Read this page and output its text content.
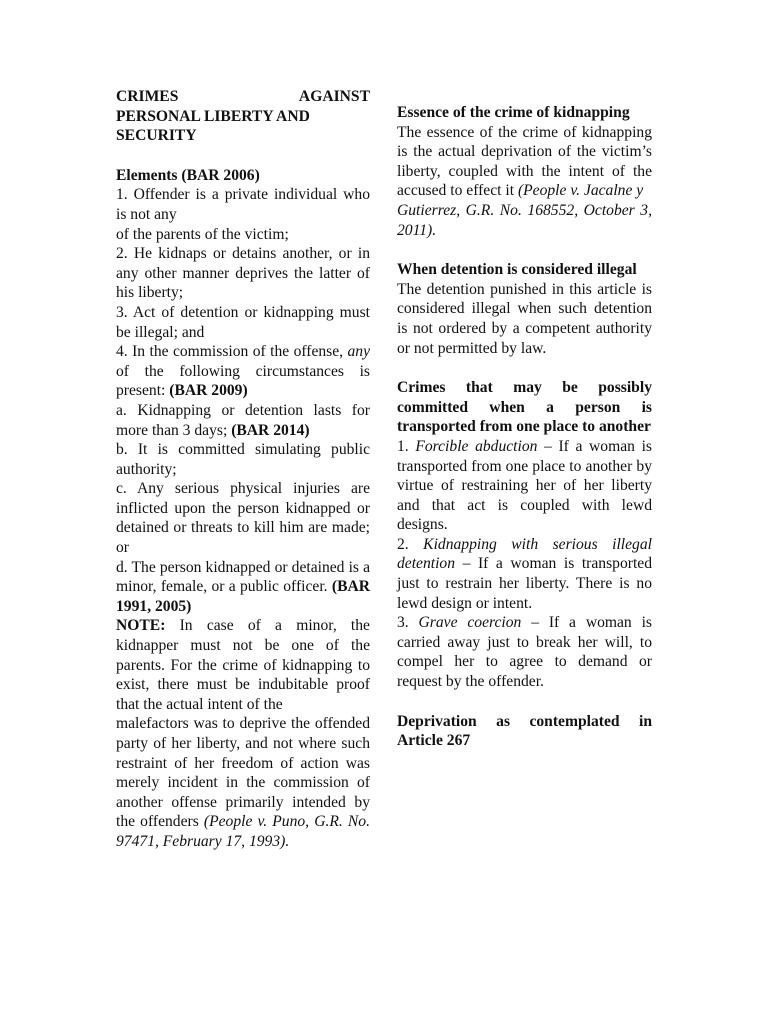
CRIMES AGAINST

PERSONAL LIBERTY AND

SECURITY

Elements (BAR 2006)

1. Offender is a private individual who is not any

of the parents of the victim;

2. He kidnaps or detains another, or in any other manner deprives the latter of his liberty;

3. Act of detention or kidnapping must be illegal; and

4. In the commission of the offense, any of the following circumstances is present: (BAR 2009)

a. Kidnapping or detention lasts for more than 3 days; (BAR 2014)

b. It is committed simulating public authority;

c. Any serious physical injuries are inflicted upon the person kidnapped or detained or threats to kill him are made; or

d. The person kidnapped or detained is a minor, female, or a public officer. (BAR 1991, 2005)

NOTE: In case of a minor, the kidnapper must not be one of the parents. For the crime of kidnapping to exist, there must be indubitable proof that the actual intent of the

malefactors was to deprive the offended party of her liberty, and not where such restraint of her freedom of action was merely incident in the commission of another offense primarily intended by the offenders (People v. Puno, G.R. No. 97471, February 17, 1993).

Essence of the crime of kidnapping

The essence of the crime of kidnapping is the actual deprivation of the victim’s liberty, coupled with the intent of the accused to effect it (People v. Jacalne y

Gutierrez, G.R. No. 168552, October 3, 2011).

When detention is considered illegal

The detention punished in this article is considered illegal when such detention is not ordered by a competent authority or not permitted by law.

Crimes that may be possibly committed when a person is transported from one place to another

1. Forcible abduction – If a woman is transported from one place to another by virtue of restraining her of her liberty and that act is coupled with lewd designs.

2. Kidnapping with serious illegal detention – If a woman is transported just to restrain her liberty. There is no lewd design or intent.

3. Grave coercion – If a woman is carried away just to break her will, to compel her to agree to demand or request by the offender.

Deprivation as contemplated in Article 267
